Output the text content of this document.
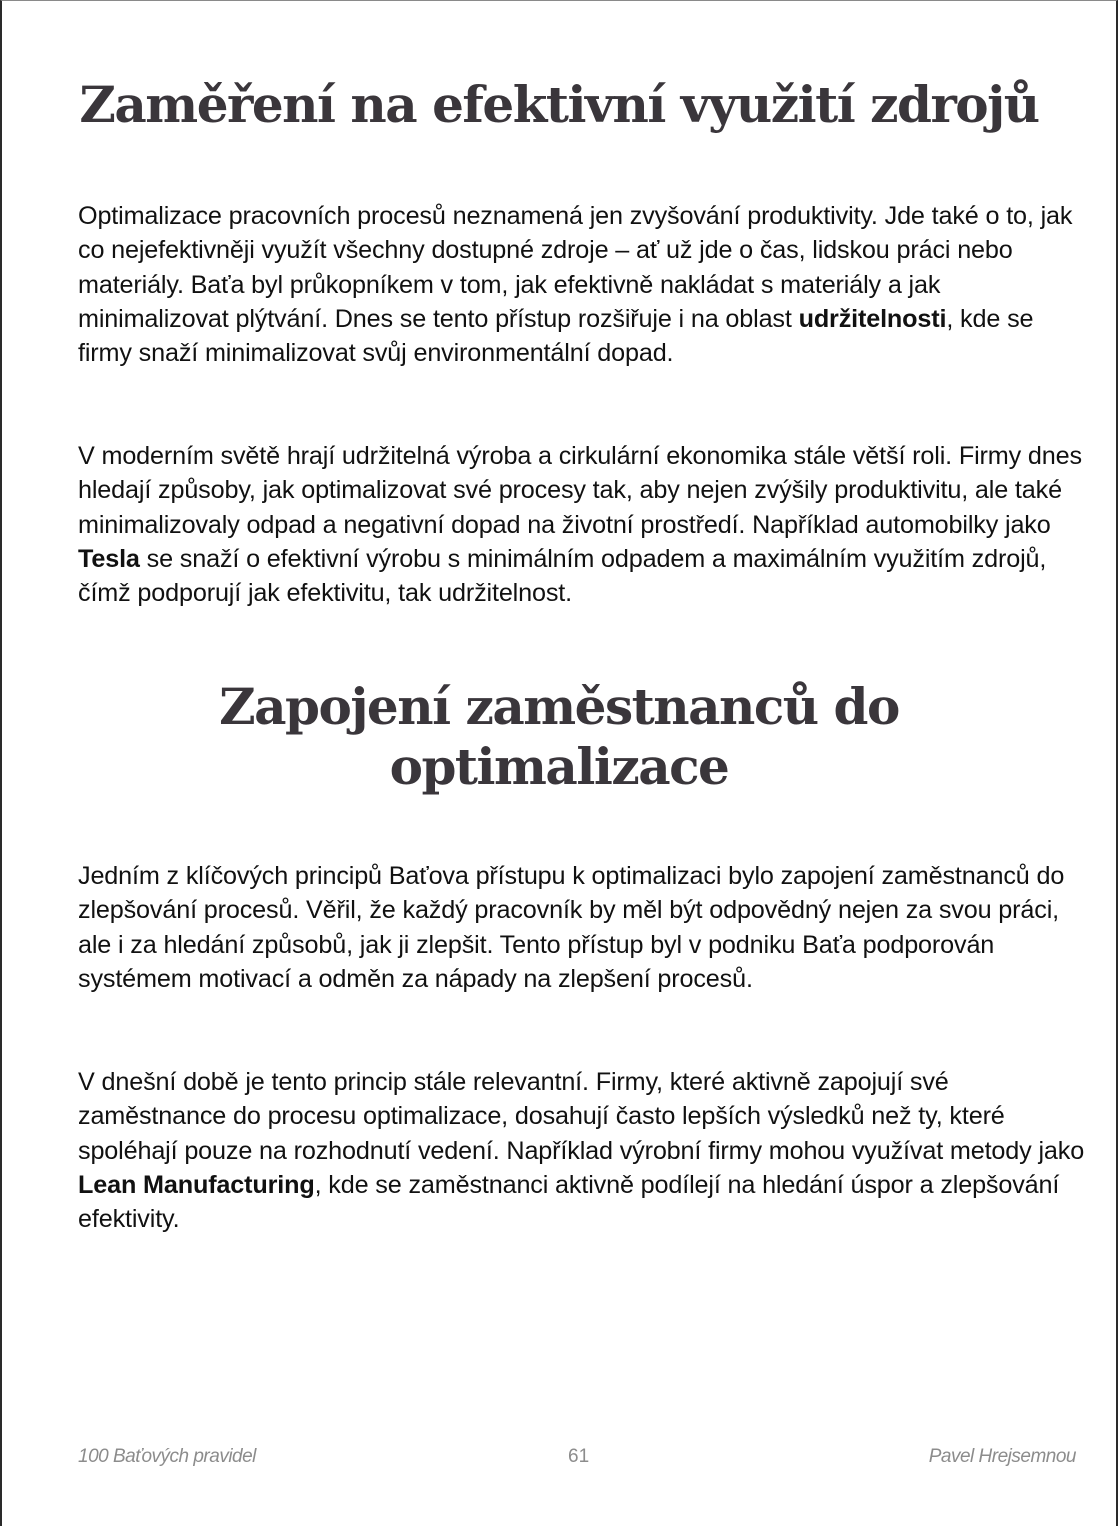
Zaměření na efektivní využití zdrojů

Optimalizace pracovních procesů neznamená jen zvyšování produktivity. Jde také o to, jak co nejefektivněji využít všechny dostupné zdroje – ať už jde o čas, lidskou práci nebo materiály. Baťa byl průkopníkem v tom, jak efektivně nakládat s materiály a jak minimalizovat plýtvání. Dnes se tento přístup rozšiřuje i na oblast udržitelnosti, kde se firmy snaží minimalizovat svůj environmentální dopad.

V moderním světě hrají udržitelná výroba a cirkulární ekonomika stále větší roli. Firmy dnes hledají způsoby, jak optimalizovat své procesy tak, aby nejen zvýšily produktivitu, ale také minimalizovaly odpad a negativní dopad na životní prostředí. Například automobilky jako Tesla se snaží o efektivní výrobu s minimálním odpadem a maximálním využitím zdrojů, čímž podporují jak efektivitu, tak udržitelnost.

Zapojení zaměstnanců do
optimalizace

Jedním z klíčových principů Baťova přístupu k optimalizaci bylo zapojení zaměstnanců do zlepšování procesů. Věřil, že každý pracovník by měl být odpovědný nejen za svou práci, ale i za hledání způsobů, jak ji zlepšit. Tento přístup byl v podniku Baťa podporován systémem motivací a odměn za nápady na zlepšení procesů.

V dnešní době je tento princip stále relevantní. Firmy, které aktivně zapojují své zaměstnance do procesu optimalizace, dosahují často lepších výsledků než ty, které spoléhají pouze na rozhodnutí vedení. Například výrobní firmy mohou využívat metody jako Lean Manufacturing, kde se zaměstnanci aktivně podílejí na hledání úspor a zlepšování efektivity.

100 Baťových pravidel	61	Pavel Hrejsemnou
